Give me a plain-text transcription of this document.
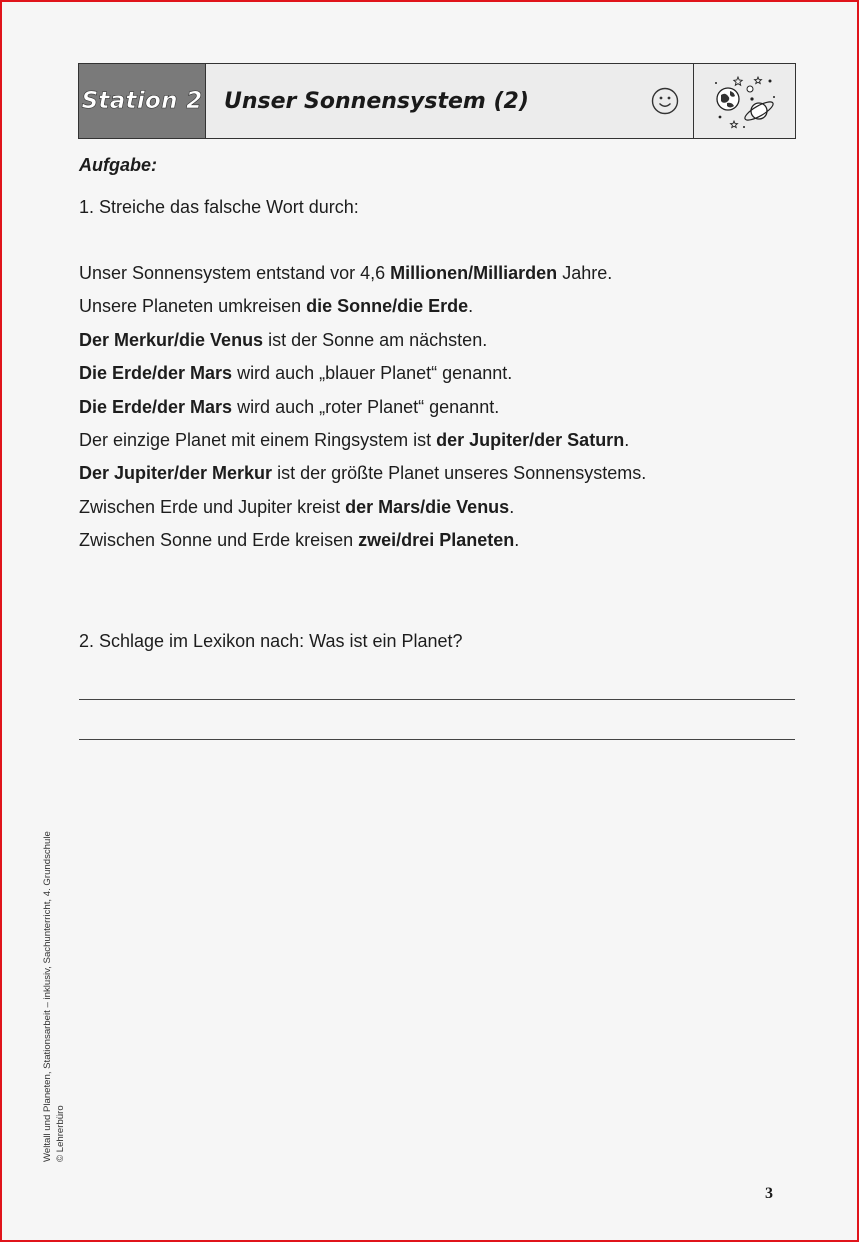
Station 2 Unser Sonnensystem (2)
Aufgabe:
1. Streiche das falsche Wort durch:
Unser Sonnensystem entstand vor 4,6 Millionen/Milliarden Jahre.
Unsere Planeten umkreisen die Sonne/die Erde.
Der Merkur/die Venus ist der Sonne am nächsten.
Die Erde/der Mars wird auch „blauer Planet“ genannt.
Die Erde/der Mars wird auch „roter Planet“ genannt.
Der einzige Planet mit einem Ringsystem ist der Jupiter/der Saturn.
Der Jupiter/der Merkur ist der größte Planet unseres Sonnensystems.
Zwischen Erde und Jupiter kreist der Mars/die Venus.
Zwischen Sonne und Erde kreisen zwei/drei Planeten.
2. Schlage im Lexikon nach: Was ist ein Planet?
Weltall und Planeten, Stationsarbeit – inklusiv, Sachunterricht, 4. Grundschule © Lehrerbüro
3
